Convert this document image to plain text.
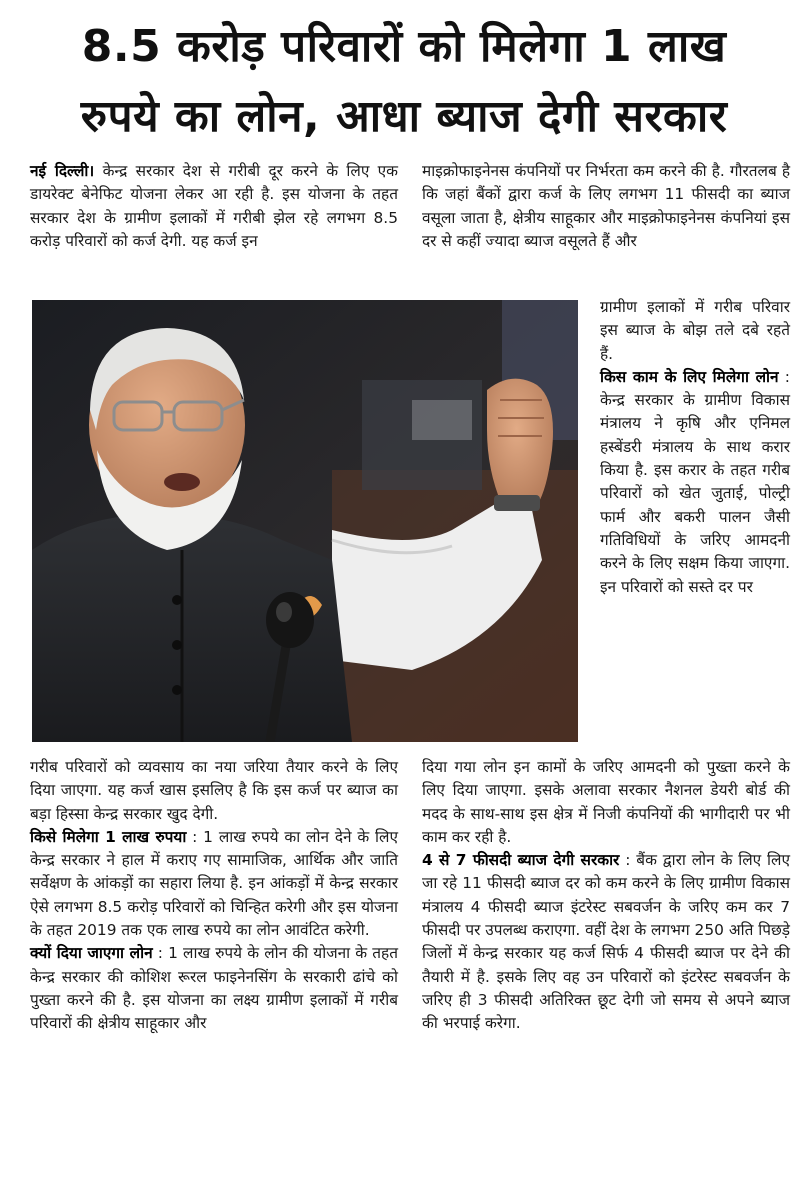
8.5 करोड़ परिवारों को मिलेगा 1 लाख
रुपये का लोन, आधा ब्याज देगी सरकार

नई दिल्ली। केन्द्र सरकार देश से गरीबी दूर करने के लिए एक डायरेक्ट बेनेफिट योजना लेकर आ रही है. इस योजना के तहत सरकार देश के ग्रामीण इलाकों में गरीबी झेल रहे लगभग 8.5 करोड़ परिवारों को कर्ज देगी. यह कर्ज इन

माइक्रोफाइनेनस कंपनियों पर निर्भरता कम करने की है. गौरतलब है कि जहां बैंकों द्वारा कर्ज के लिए लगभग 11 फीसदी का ब्याज वसूला जाता है, क्षेत्रीय साहूकार और माइक्रोफाइनेनस कंपनियां इस दर से कहीं ज्यादा ब्याज वसूलते हैं और

ग्रामीण इलाकों में गरीब परिवार इस ब्याज के बोझ तले दबे रहते हैं.

किस काम के लिए मिलेगा लोन : केन्द्र सरकार के ग्रामीण विकास मंत्रालय ने कृषि और एनिमल हस्बेंडरी मंत्रालय के साथ करार किया है. इस करार के तहत गरीब परिवारों को खेत जुताई, पोल्ट्री फार्म और बकरी पालन जैसी गतिविधियों के जरिए आमदनी करने के लिए सक्षम किया जाएगा. इन परिवारों को सस्ते दर पर

गरीब परिवारों को व्यवसाय का नया जरिया तैयार करने के लिए दिया जाएगा. यह कर्ज खास इसलिए है कि इस कर्ज पर ब्याज का बड़ा हिस्सा केन्द्र सरकार खुद देगी.

किसे मिलेगा 1 लाख रुपया : 1 लाख रुपये का लोन देने के लिए केन्द्र सरकार ने हाल में कराए गए सामाजिक, आर्थिक और जाति सर्वेक्षण के आंकड़ों का सहारा लिया है. इन आंकड़ों में केन्द्र सरकार ऐसे लगभग 8.5 करोड़ परिवारों को चिन्हित करेगी और इस योजना के तहत 2019 तक एक लाख रुपये का लोन आवंटित करेगी.

क्यों दिया जाएगा लोन : 1 लाख रुपये के लोन की योजना के तहत केन्द्र सरकार की कोशिश रूरल फाइनेनसिंग के सरकारी ढांचे को पुख्ता करने की है. इस योजना का लक्ष्य ग्रामीण इलाकों में गरीब परिवारों की क्षेत्रीय साहूकार और

दिया गया लोन इन कामों के जरिए आमदनी को पुख्ता करने के लिए दिया जाएगा. इसके अलावा सरकार नैशनल डेयरी बोर्ड की मदद के साथ-साथ इस क्षेत्र में निजी कंपनियों की भागीदारी पर भी काम कर रही है.

4 से 7 फीसदी ब्याज देगी सरकार : बैंक द्वारा लोन के लिए लिए जा रहे 11 फीसदी ब्याज दर को कम करने के लिए ग्रामीण विकास मंत्रालय 4 फीसदी ब्याज इंटरेस्ट सबवर्जन के जरिए कम कर 7 फीसदी पर उपलब्ध कराएगा. वहीं देश के लगभग 250 अति पिछड़े जिलों में केन्द्र सरकार यह कर्ज सिर्फ 4 फीसदी ब्याज पर देने की तैयारी में है. इसके लिए वह उन परिवारों को इंटरेस्ट सबवर्जन के जरिए ही 3 फीसदी अतिरिक्त छूट देगी जो समय से अपने ब्याज की भरपाई करेगा.
